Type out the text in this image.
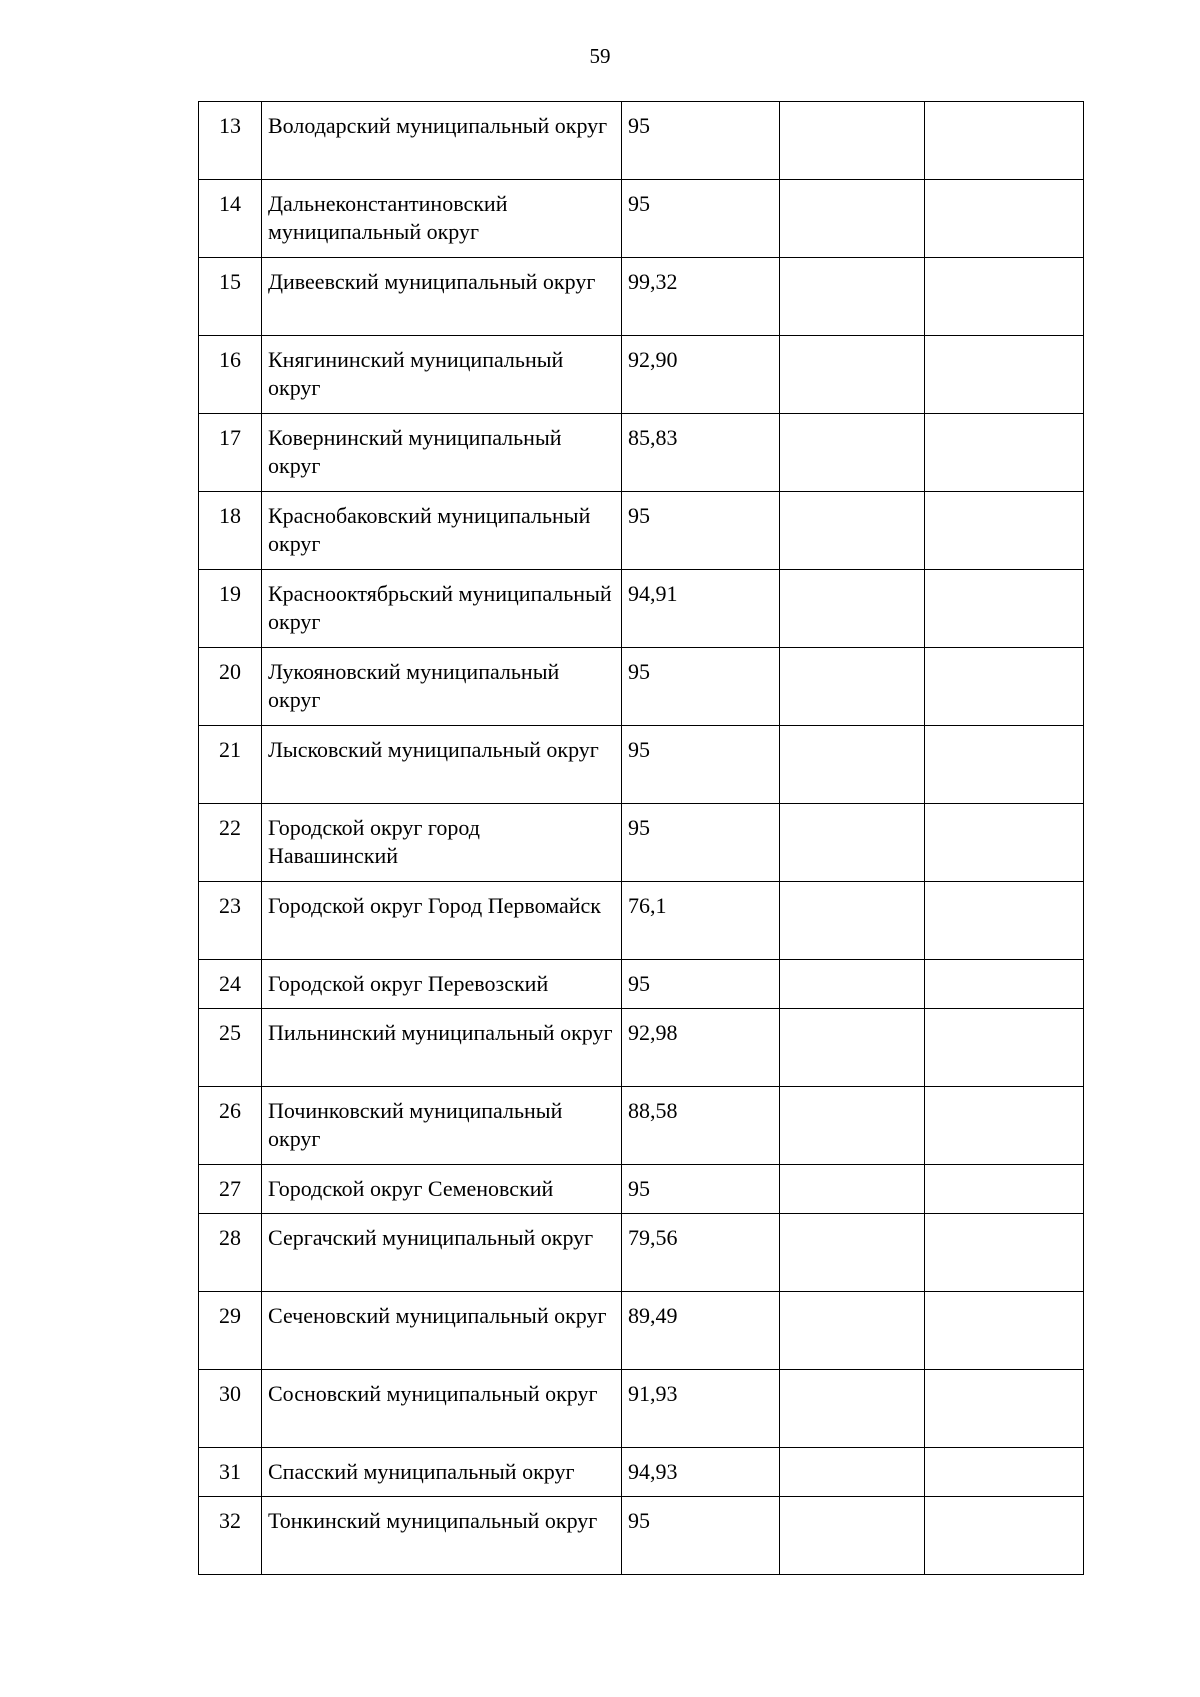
59
13	Володарский муниципальный округ	95		
14	Дальнеконстантиновский муниципальный округ	95		
15	Дивеевский муниципальный округ	99,32		
16	Княгининский муниципальный округ	92,90		
17	Ковернинский муниципальный округ	85,83		
18	Краснобаковский муниципальный округ	95		
19	Краснооктябрьский муниципальный округ	94,91		
20	Лукояновский муниципальный округ	95		
21	Лысковский муниципальный округ	95		
22	Городской округ город Навашинский	95		
23	Городской округ Город Первомайск	76,1		
24	Городской округ Перевозский	95		
25	Пильнинский муниципальный округ	92,98		
26	Починковский муниципальный округ	88,58		
27	Городской округ Семеновский	95		
28	Сергачский муниципальный округ	79,56		
29	Сеченовский муниципальный округ	89,49		
30	Сосновский муниципальный округ	91,93		
31	Спасский муниципальный округ	94,93		
32	Тонкинский муниципальный округ	95		
